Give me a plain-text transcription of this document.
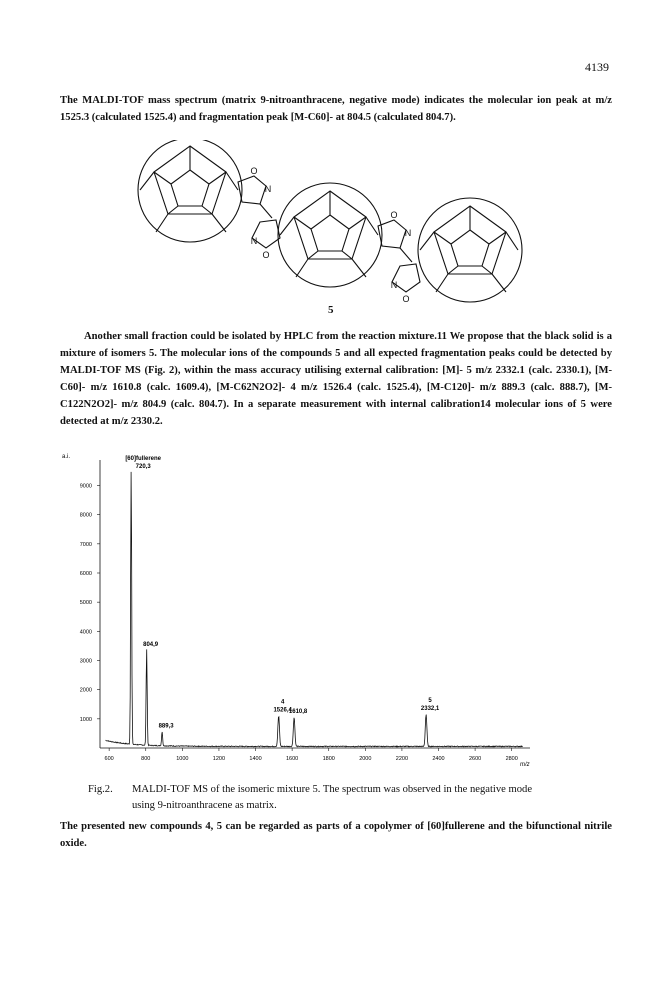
4139
The MALDI-TOF mass spectrum (matrix 9-nitroanthracene, negative mode) indicates the molecular ion peak at m/z 1525.3 (calculated 1525.4) and fragmentation peak [M-C60]- at 804.5 (calculated 804.7).
O
N
N
O
O
N
N
O
5
Another small fraction could be isolated by HPLC from the reaction mixture.11 We propose that the black solid is a mixture of isomers 5. The molecular ions of the compounds 5 and all expected fragmentation peaks could be detected by MALDI-TOF MS (Fig. 2), within the mass accuracy utilising external calibration: [M]- 5 m/z 2332.1 (calc. 2330.1), [M-C60]- m/z 1610.8 (calc. 1609.4), [M-C62N2O2]- 4 m/z 1526.4 (calc. 1525.4), [M-C120]- m/z 889.3 (calc. 888.7), [M-C122N2O2]- m/z 804.9 (calc. 804.7). In a separate measurement with internal calibration14 molecular ions of 5 were detected at m/z 2330.2.
a.i.
m/z
1000
2000
3000
4000
5000
6000
7000
8000
9000
600	800	1000	1200	1400	1600	1800	2000	2200	2400	2600	2800
720,3
[60]fullerene
804,9
889,3
1526,4
4
1610,8	2332,1
5
Fig.2. MALDI-TOF MS of the isomeric mixture 5. The spectrum was observed in the negative mode
using 9-nitroanthracene as matrix.
The presented new compounds 4, 5 can be regarded as parts of a copolymer of [60]fullerene and the bifunctional nitrile oxide.
